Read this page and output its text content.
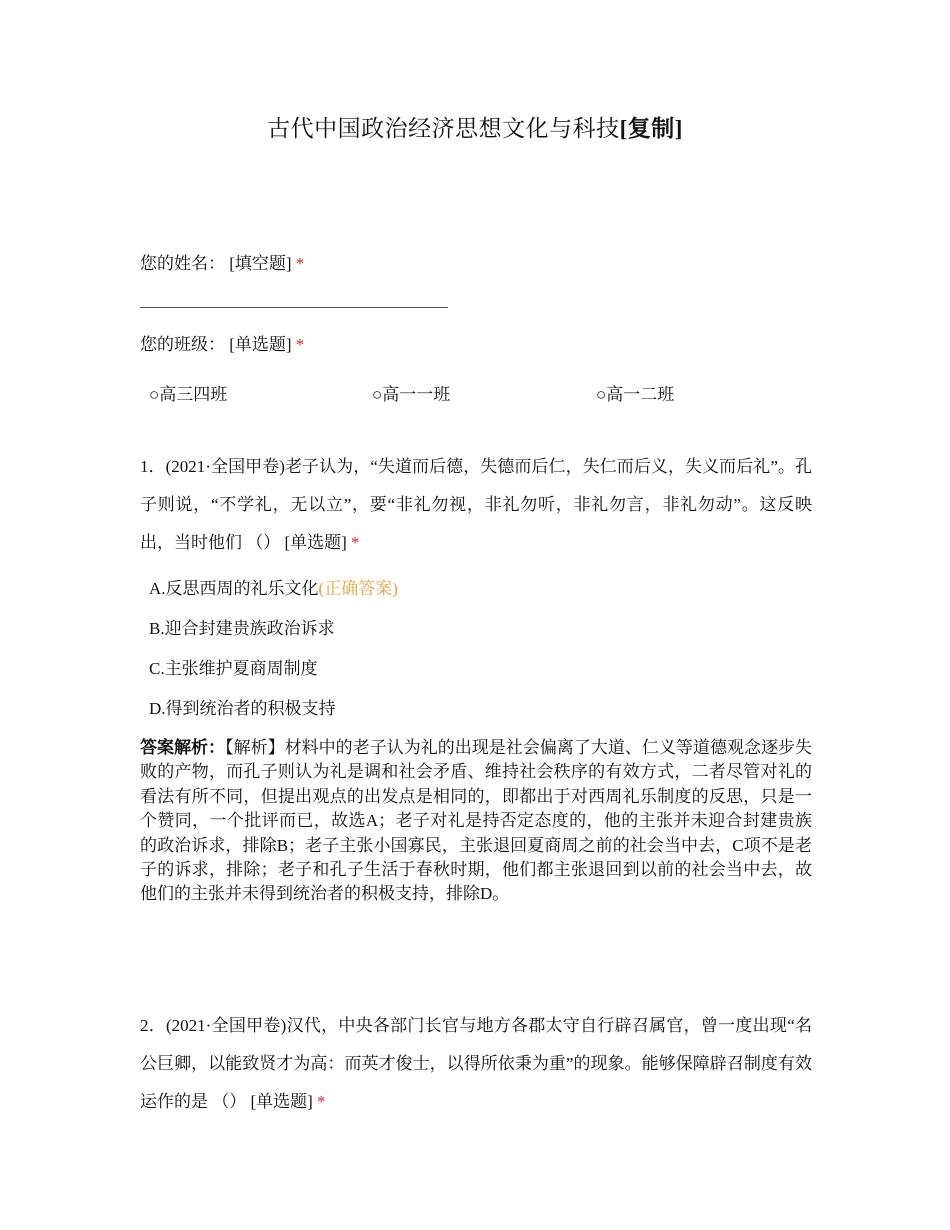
古代中国政治经济思想文化与科技[复制]
您的姓名： [填空题] *
您的班级： [单选题] *
○高三四班	○高一一班	○高一二班
1．(2021·全国甲卷)老子认为，“失道而后德，失德而后仁，失仁而后义，失义而后礼”。孔子则说，“不学礼，无以立”，要“非礼勿视，非礼勿听，非礼勿言，非礼勿动”。这反映出，当时他们 （） [单选题] *
A.反思西周的礼乐文化(正确答案)
B.迎合封建贵族政治诉求
C.主张维护夏商周制度
D.得到统治者的积极支持
答案解析：【解析】材料中的老子认为礼的出现是社会偏离了大道、仁义等道德观念逐步失败的产物，而孔子则认为礼是调和社会矛盾、维持社会秩序的有效方式，二者尽管对礼的看法有所不同，但提出观点的出发点是相同的，即都出于对西周礼乐制度的反思，只是一个赞同，一个批评而已，故选A；老子对礼是持否定态度的，他的主张并未迎合封建贵族的政治诉求，排除B；老子主张小国寡民，主张退回夏商周之前的社会当中去，C项不是老子的诉求，排除；老子和孔子生活于春秋时期，他们都主张退回到以前的社会当中去，故他们的主张并未得到统治者的积极支持，排除D。
2．(2021·全国甲卷)汉代，中央各部门长官与地方各郡太守自行辟召属官，曾一度出现“名公巨卿，以能致贤才为高：而英才俊士，以得所依秉为重”的现象。能够保障辟召制度有效运作的是 （） [单选题] *
